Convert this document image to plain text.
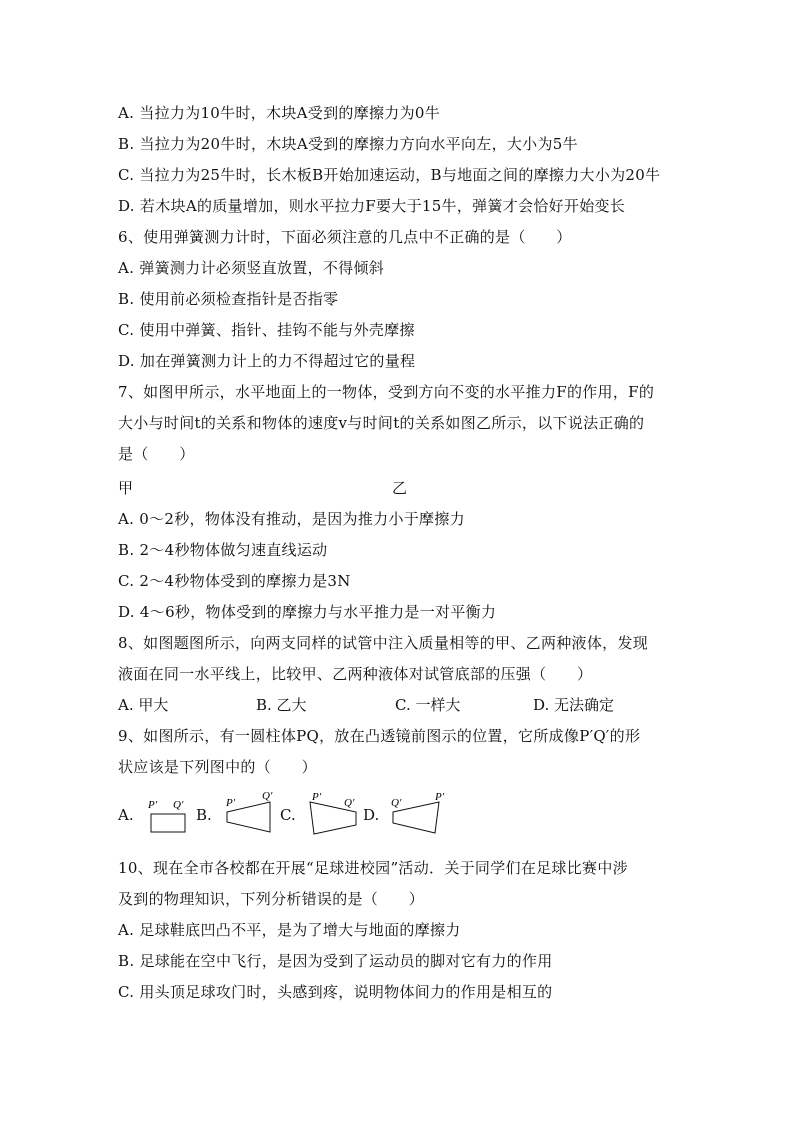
A. 当拉力为10牛时，木块A受到的摩擦力为0牛
B. 当拉力为20牛时，木块A受到的摩擦力方向水平向左，大小为5牛
C. 当拉力为25牛时，长木板B开始加速运动，B与地面之间的摩擦力大小为20牛
D. 若木块A的质量增加，则水平拉力F要大于15牛，弹簧才会恰好开始变长
6、使用弹簧测力计时，下面必须注意的几点中不正确的是（　　）
A. 弹簧测力计必须竖直放置，不得倾斜
B. 使用前必须检查指针是否指零
C. 使用中弹簧、指针、挂钩不能与外壳摩擦
D. 加在弹簧测力计上的力不得超过它的量程
7、如图甲所示，水平地面上的一物体，受到方向不变的水平推力F的作用，F的
大小与时间t的关系和物体的速度v与时间t的关系如图乙所示，以下说法正确的
是（　　）
甲	乙
A. 0～2秒，物体没有推动，是因为推力小于摩擦力
B. 2～4秒物体做匀速直线运动
C. 2～4秒物体受到的摩擦力是3N
D. 4～6秒，物体受到的摩擦力与水平推力是一对平衡力
8、如图题图所示，向两支同样的试管中注入质量相等的甲、乙两种液体，发现
液面在同一水平线上，比较甲、乙两种液体对试管底部的压强（　　）
A. 甲大	B. 乙大	C. 一样大	D. 无法确定
9、如图所示，有一圆柱体PQ，放在凸透镜前图示的位置，它所成像P′Q′的形
状应该是下列图中的（　　）
A.
P′ Q′
B.
P′
Q′
C.
P′ Q′
D.
Q′	P′
10、现在全市各校都在开展“足球进校园”活动．关于同学们在足球比赛中涉
及到的物理知识，下列分析错误的是（　　）
A. 足球鞋底凹凸不平，是为了增大与地面的摩擦力
B. 足球能在空中飞行，是因为受到了运动员的脚对它有力的作用
C. 用头顶足球攻门时，头感到疼，说明物体间力的作用是相互的
